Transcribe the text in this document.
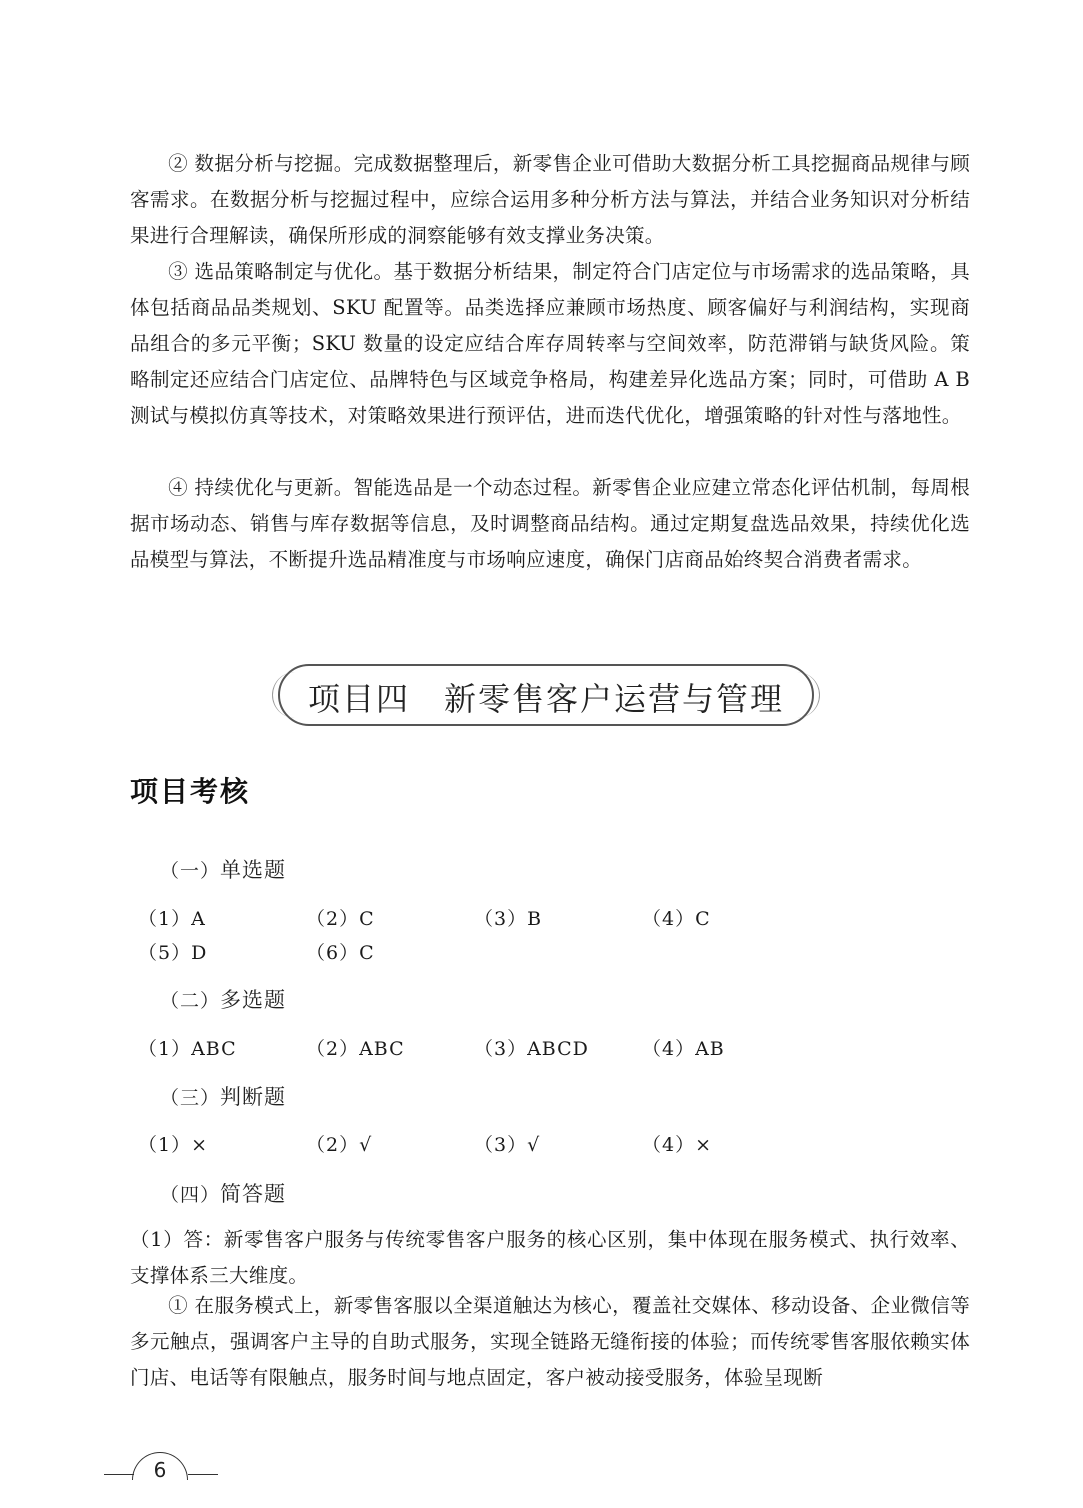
② 数据分析与挖掘。完成数据整理后，新零售企业可借助大数据分析工具挖掘商品规律与顾客需求。在数据分析与挖掘过程中，应综合运用多种分析方法与算法，并结合业务知识对分析结果进行合理解读，确保所形成的洞察能够有效支撑业务决策。
③ 选品策略制定与优化。基于数据分析结果，制定符合门店定位与市场需求的选品策略，具体包括商品品类规划、SKU 配置等。品类选择应兼顾市场热度、顾客偏好与利润结构，实现商品组合的多元平衡；SKU 数量的设定应结合库存周转率与空间效率，防范滞销与缺货风险。策略制定还应结合门店定位、品牌特色与区域竞争格局，构建差异化选品方案；同时，可借助 A B 测试与模拟仿真等技术，对策略效果进行预评估，进而迭代优化，增强策略的针对性与落地性。
④ 持续优化与更新。智能选品是一个动态过程。新零售企业应建立常态化评估机制，每周根据市场动态、销售与库存数据等信息，及时调整商品结构。通过定期复盘选品效果，持续优化选品模型与算法，不断提升选品精准度与市场响应速度，确保门店商品始终契合消费者需求。
项目四　新零售客户运营与管理
项目考核
（一）单选题
（1）A	（2）C	（3）B	（4）C
（5）D	（6）C
（二）多选题
（1）ABC	（2）ABC	（3）ABCD	（4）AB
（三）判断题
（1）×	（2）√	（3）√	（4）×
（四）简答题
（1）答：新零售客户服务与传统零售客户服务的核心区别，集中体现在服务模式、执行效率、支撑体系三大维度。
① 在服务模式上，新零售客服以全渠道触达为核心，覆盖社交媒体、移动设备、企业微信等多元触点，强调客户主导的自助式服务，实现全链路无缝衔接的体验；而传统零售客服依赖实体门店、电话等有限触点，服务时间与地点固定，客户被动接受服务，体验呈现断
6
